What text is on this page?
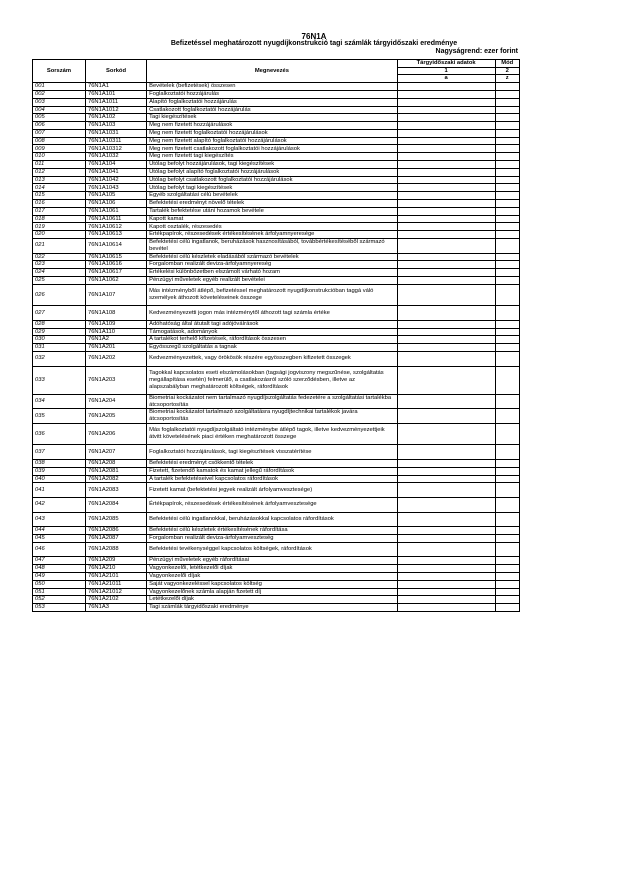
76N1A
Befizetéssel meghatározott nyugdíjkonstrukció tagi számlák tárgyidőszaki eredménye
Nagyságrend: ezer forint
Sorszám	Sorkód	Megnevezés	Tárgyidőszaki adatok	Mód
			1	2
			a	z
001	76N1A1	Bevételek (befizetések) összesen		
002	76N1A101	Foglalkoztatói hozzájárulás		
003	76N1A1011	Alapító foglalkoztatói hozzájárulás		
004	76N1A1012	Csatlakozott foglalkoztatói hozzájárulás		
005	76N1A102	Tagi kiegészítések		
006	76N1A103	Meg nem fizetett hozzájárulások		
007	76N1A1031	Meg nem fizetett foglalkoztatói hozzájárulások		
008	76N1A10311	Meg nem fizetett alapító foglalkoztatói hozzájárulások		
009	76N1A10312	Meg nem fizetett csatlakozott foglalkoztatói hozzájárulások		
010	76N1A1032	Meg nem fizetett tagi kiegészítés		
011	76N1A104	Utólag befolyt hozzájárulások, tagi kiegészítések		
012	76N1A1041	Utólag befolyt alapító foglalkoztatói hozzájárulások		
013	76N1A1042	Utólag befolyt csatlakozott foglalkoztatói hozzájárulások		
014	76N1A1043	Utólag befolyt tagi kiegészítések		
015	76N1A105	Egyéb szolgáltatási célú bevételek		
016	76N1A106	Befektetési eredményt növelő tételek		
017	76N1A1061	Tartalék befektetése utáni hozamok bevétele		
018	76N1A10611	Kapott kamat		
019	76N1A10612	Kapott osztalék, részesedés		
020	76N1A10613	Értékpapírok, részesedések értékesítésének árfolyamnyeresége		
021	76N1A10614	Befektetési célú ingatlanok, beruházások hasznosításából, továbbértékesítéséből származó bevétel		
022	76N1A10615	Befektetési célú készletek eladásából származó bevételek		
023	76N1A10616	Forgalomban realizált deviza-árfolyamnyereség		
024	76N1A10617	Értékelési különbözetben elszámolt várható hozam		
025	76N1A1062	Pénzügyi műveletek egyéb realizált bevételei		
026	76N1A107	Más intézményből átlépő, befizetéssel meghatározott nyugdíjkonstrukcióban taggá váló személyek áthozott követeléseinek összege		
027	76N1A108	Kedvezményezetti jogon más intézménytől áthozott tagi számla értéke		
028	76N1A109	Adóhatóság által átutalt tagi adójóváírások		
029	76N1A110	Támogatások, adományok		
030	76N1A2	A tartalékot terhelő kifizetések, ráfordítások összesen		
031	76N1A201	Egyösszegű szolgáltatás a tagnak		
032	76N1A202	Kedvezményezettek, vagy örökösök részére egyösszegben kifizetett összegek		
033	76N1A203	Tagokkal kapcsolatos eseti elszámolásokban (tagsági jogviszony megszűnése, szolgáltatás megállapítása esetén) felmerülő, a csatlakozásról szóló szerződésben, illetve az alapszabályban meghatározott költségek, ráfordítások		
034	76N1A204	Biometriai kockázatot nem tartalmazó nyugdíjszolgáltatás fedezetére a szolgáltatási tartalékba átcsoportosítás		
035	76N1A205	Biometriai kockázatot tartalmazó szolgáltatásra nyugdíjtechnikai tartalékok javára átcsoportosítás		
036	76N1A206	Más foglalkoztatói nyugdíjszolgáltató intézménybe átlépő tagok, illetve kedvezményezettjeik átvitt követelésének piaci értéken meghatározott összege		
037	76N1A207	Foglalkoztatói hozzájárulások, tagi kiegészítések visszatérítése		
038	76N1A208	Befektetési eredményt csökkentő tételek		
039	76N1A2081	Fizetett, fizetendő kamatok és kamat jellegű ráfordítások		
040	76N1A2082	A tartalék befektetéseivel kapcsolatos ráfordítások		
041	76N1A2083	Fizetett kamat (befektetési jegyek realizált árfolyamvesztesége)		
042	76N1A2084	Értékpapírok, részesedések értékesítésének árfolyamvesztesége		
043	76N1A2085	Befektetési célú ingatlanokkal, beruházásokkal kapcsolatos ráfordítások		
044	76N1A2086	Befektetési célú készletek értékesítésének ráfordítása		
045	76N1A2087	Forgalomban realizált deviza-árfolyamveszteség		
046	76N1A2088	Befektetési tevékenységgel kapcsolatos költségek, ráfordítások		
047	76N1A209	Pénzügyi műveletek egyéb ráfordításai		
048	76N1A210	Vagyonkezelői, letétkezelői díjak		
049	76N1A2101	Vagyonkezelői díjak		
050	76N1A21011	Saját vagyonkezeléssel kapcsolatos költség		
051	76N1A21012	Vagyonkezelőnek számla alapján fizetett díj		
052	76N1A2102	Letétkezelői díjak		
053	76N1A3	Tagi számlák tárgyidőszaki eredménye		
